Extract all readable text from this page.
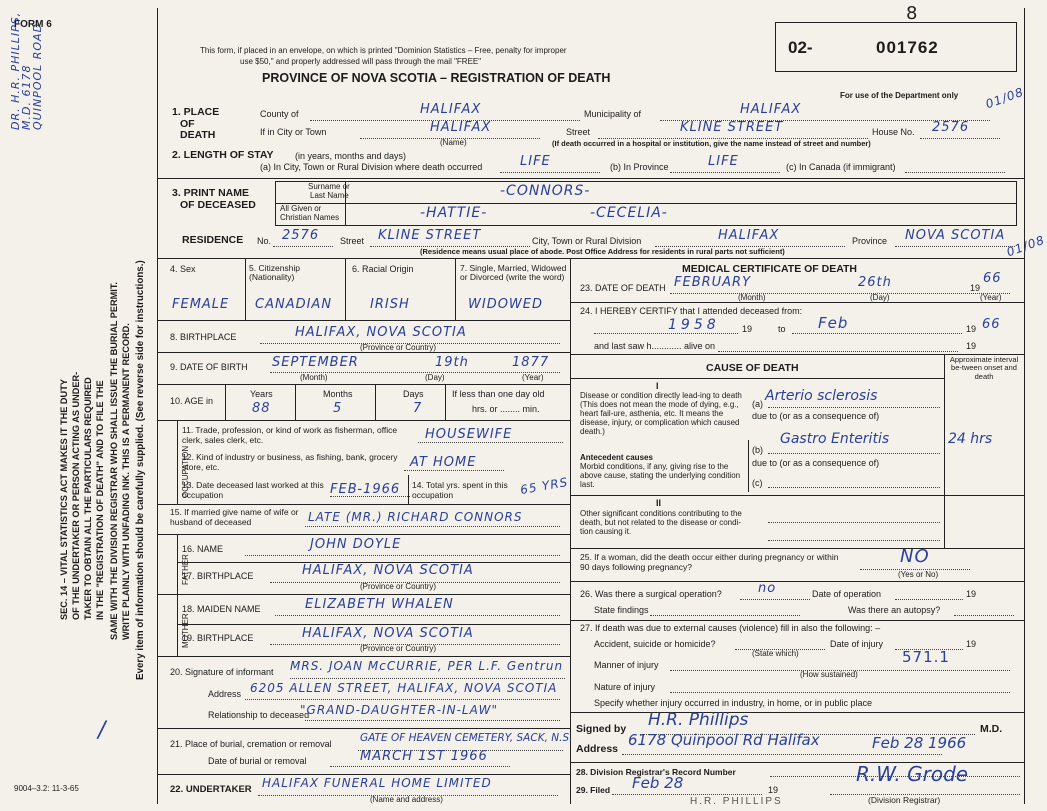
FORM 6
DR. H.R. PHILLIPS, M.D. 6178 QUINPOOL ROAD
SEC. 14 – VITAL STATISTICS ACT MAKES IT THE DUTY OF THE UNDERTAKER OR PERSON ACTING AS UNDER- TAKER TO OBTAIN ALL THE PARTICULARS REQUIRED IN THE "REGISTRATION OF DEATH" AND TO FILE THE SAME WITH THE DIVISION REGISTRAR WHO SHALL ISSUE THE BURIAL PERMIT. WRITE PLAINLY WITH UNFADING INK. THIS IS A PERMANENT RECORD. Every item of information should be carefully supplied. (See reverse side for instructions.)
/
9004–3.2: 11-3-65
This form, if placed in an envelope, on which is printed "Dominion Statistics – Free, penalty for improper
use $50," and properly addressed will pass through the mail "FREE"
PROVINCE OF NOVA SCOTIA – REGISTRATION OF DEATH
02-	001762
8
For use of the Department only 01/08
1. PLACE
OF
DEATH
County of	HALIFAX	Municipality of	HALIFAX
If in City or Town	HALIFAX
(Name)
Street	KLINE STREET	House No. 2576
(If death occurred in a hospital or institution, give the name instead of street and number)
2. LENGTH OF STAY (in years, months and days)
(a) In City, Town or Rural Division where death occurred	LIFE	(b) In Province	LIFE	(c) In Canada (if immigrant)
3. PRINT NAME
OF DECEASED
Surname or
Last Name
All Given or
Christian Names
-CONNORS-
-HATTIE-	-CECELIA-
RESIDENCE No. 2576 Street KLINE STREET	City, Town or Rural Division	HALIFAX	Province NOVA SCOTIA
(Residence means usual place of abode. Post Office Address for residents in rural parts not sufficient)	01/08
4. Sex	5. Citizenship (Nationality)
6. Racial Origin	7. Single, Married, Widowed or Divorced (write the word)
FEMALE CANADIAN	IRISH	WIDOWED
8. BIRTHPLACE	HALIFAX, NOVA SCOTIA
(Province or Country)
9. DATE OF BIRTH SEPTEMBER	19th	1877
(Month)	(Day)	(Year)
10. AGE in
Years	Months	Days	If less than one day old
hrs. or ........ min.
88	5	7
OCCUPATION
11. Trade, profession, or kind of work as fisherman, office clerk, sales clerk, etc.	HOUSEWIFE
12. Kind of industry or business, as fishing, bank, grocery store, etc.	AT HOME
13. Date deceased last worked at this occupation	FEB-1966 14. Total yrs. spent in this occupation	65 YRS
15. If married give name of wife or husband of deceased	LATE (MR.) RICHARD CONNORS
FATHER
16. NAME	JOHN DOYLE
17. BIRTHPLACE	HALIFAX, NOVA SCOTIA
(Province or Country)
MOTHER
18. MAIDEN NAME	ELIZABETH WHALEN
19. BIRTHPLACE	HALIFAX, NOVA SCOTIA
(Province or Country)
20. Signature of informant MRS. JOAN McCURRIE, PER L.F. Gentrun
Address 6205 ALLEN STREET, HALIFAX, NOVA SCOTIA
Relationship to deceased
"GRAND-DAUGHTER-IN-LAW"
21. Place of burial, cremation or removal	GATE OF HEAVEN CEMETERY, SACK, N.S.
Date of burial or removal	MARCH 1ST 1966
22. UNDERTAKER HALIFAX FUNERAL HOME LIMITED
(Name and address)
MEDICAL CERTIFICATE OF DEATH
23. DATE OF DEATH FEBRUARY	26th	19
66
(Month)	(Day)	(Year)
24. I HEREBY CERTIFY that I attended deceased from:
1958 19	to Feb	19 66
and last saw h............ alive on	19
CAUSE OF DEATH
Approximate interval be-tween onset and death
I
Disease or condition directly lead-ing to death (This does not mean the mode of dying, e.g., heart fail-ure, asthenia, etc. It means the disease, injury, or complication which caused death.)
(a) Arterio sclerosis
due to (or as a consequence of)
Antecedent causes
Morbid conditions, if any, giving rise to the above cause, stating the underlying condition last.
(b)
Gastro Enteritis	24 hrs
due to (or as a consequence of)
(c)
II
Other significant conditions contributing to the death, but not related to the disease or condi-tion causing it.
25. If a woman, did the death occur either during pregnancy or within 90 days following pregnancy?
NO
(Yes or No)
26. Was there a surgical operation?	no	Date of operation	19
State findings	Was there an autopsy?
27. If death was due to external causes (violence) fill in also the following: –
Accident, suicide or homicide?	Date of injury	19
(State which)
Manner of injury	571.1
(How sustained)
Nature of injury
Specify whether injury occurred in industry, in home, or in public place
Signed by H.R. Phillips	M.D.
Address 6178 Quinpool Rd Halifax	Feb 28 1966
28. Division Registrar's Record Number
29. Filed Feb 28	19
R.W. Grode
(Division Registrar)
H.R. PHILLIPS
